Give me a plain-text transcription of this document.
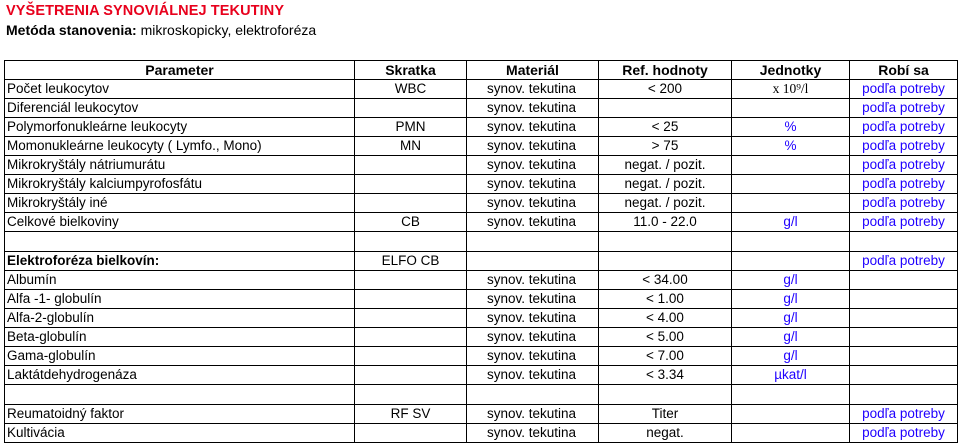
VYŠETRENIA SYNOVIÁLNEJ TEKUTINY
Metóda stanovenia: mikroskopicky, elektroforéza
Parameter	Skratka	Materiál	Ref. hodnoty	Jednotky	Robí sa
Počet leukocytov	WBC	synov. tekutina	< 200	x 10⁹/l	podľa potreby
Diferenciál leukocytov		synov. tekutina			podľa potreby
Polymorfonukleárne leukocyty	PMN	synov. tekutina	< 25	%	podľa potreby
Momonukleárne leukocyty ( Lymfo., Mono)	MN	synov. tekutina	> 75	%	podľa potreby
Mikrokryštály nátriumurátu		synov. tekutina	negat. / pozit.		podľa potreby
Mikrokryštály kalciumpyrofosfátu		synov. tekutina	negat. / pozit.		podľa potreby
Mikrokryštály iné		synov. tekutina	negat. / pozit.		podľa potreby
Celkové bielkoviny	CB	synov. tekutina	11.0 - 22.0	g/l	podľa potreby

Elektroforéza bielkovín:	ELFO CB				podľa potreby
Albumín		synov. tekutina	< 34.00	g/l	
Alfa -1- globulín		synov. tekutina	< 1.00	g/l	
Alfa-2-globulín		synov. tekutina	< 4.00	g/l	
Beta-globulín		synov. tekutina	< 5.00	g/l	
Gama-globulín		synov. tekutina	< 7.00	g/l	
Laktátdehydrogenáza		synov. tekutina	< 3.34	µkat/l	

Reumatoidný faktor	RF SV	synov. tekutina	Titer		podľa potreby
Kultivácia		synov. tekutina	negat.		podľa potreby
